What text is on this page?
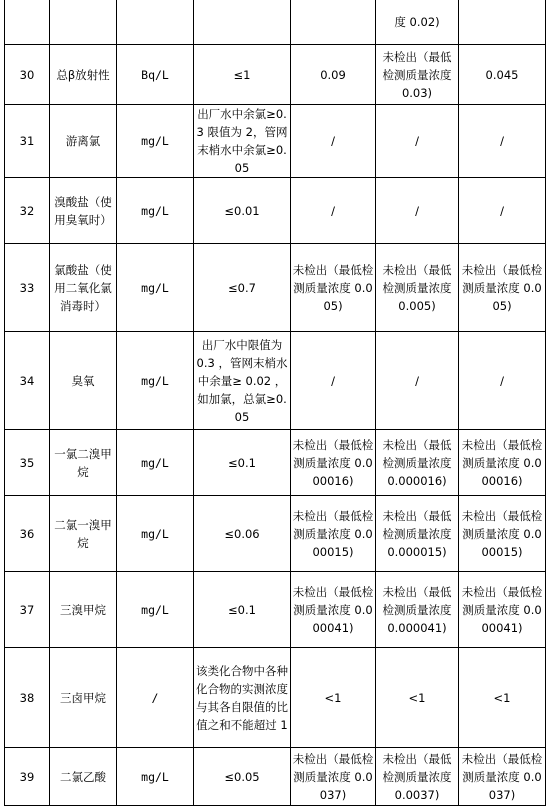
					度 0.02)	
30	总β放射性	Bq/L	≤1	0.09	未检出（最低检测质量浓度 0.03)	0.045
31	游离氯	mg/L	出厂水中余氯≥0.3 限值为 2，管网末梢水中余氯≥0.05	/	/	/
32	溴酸盐（使用臭氧时）	mg/L	≤0.01	/	/	/
33	氯酸盐（使用二氧化氯消毒时）	mg/L	≤0.7	未检出（最低检测质量浓度 0.005)	未检出（最低检测质量浓度 0.005)	未检出（最低检测质量浓度 0.005)
34	臭氧	mg/L	出厂水中限值为 0.3 ，管网末梢水中余量≥ 0.02 ，如加氯，总氯≥0.05	/	/	/
35	一氯二溴甲烷	mg/L	≤0.1	未检出（最低检测质量浓度 0.000016)	未检出（最低检测质量浓度 0.000016)	未检出（最低检测质量浓度 0.000016)
36	二氯一溴甲烷	mg/L	≤0.06	未检出（最低检测质量浓度 0.000015)	未检出（最低检测质量浓度 0.000015)	未检出（最低检测质量浓度 0.000015)
37	三溴甲烷	mg/L	≤0.1	未检出（最低检测质量浓度 0.000041)	未检出（最低检测质量浓度 0.000041)	未检出（最低检测质量浓度 0.000041)
38	三卤甲烷	/	该类化合物中各种化合物的实测浓度与其各自限值的比值之和不能超过 1	<1	<1	<1
39	二氯乙酸	mg/L	≤0.05	未检出（最低检测质量浓度 0.0037)	未检出（最低检测质量浓度 0.0037)	未检出（最低检测质量浓度 0.0037)
